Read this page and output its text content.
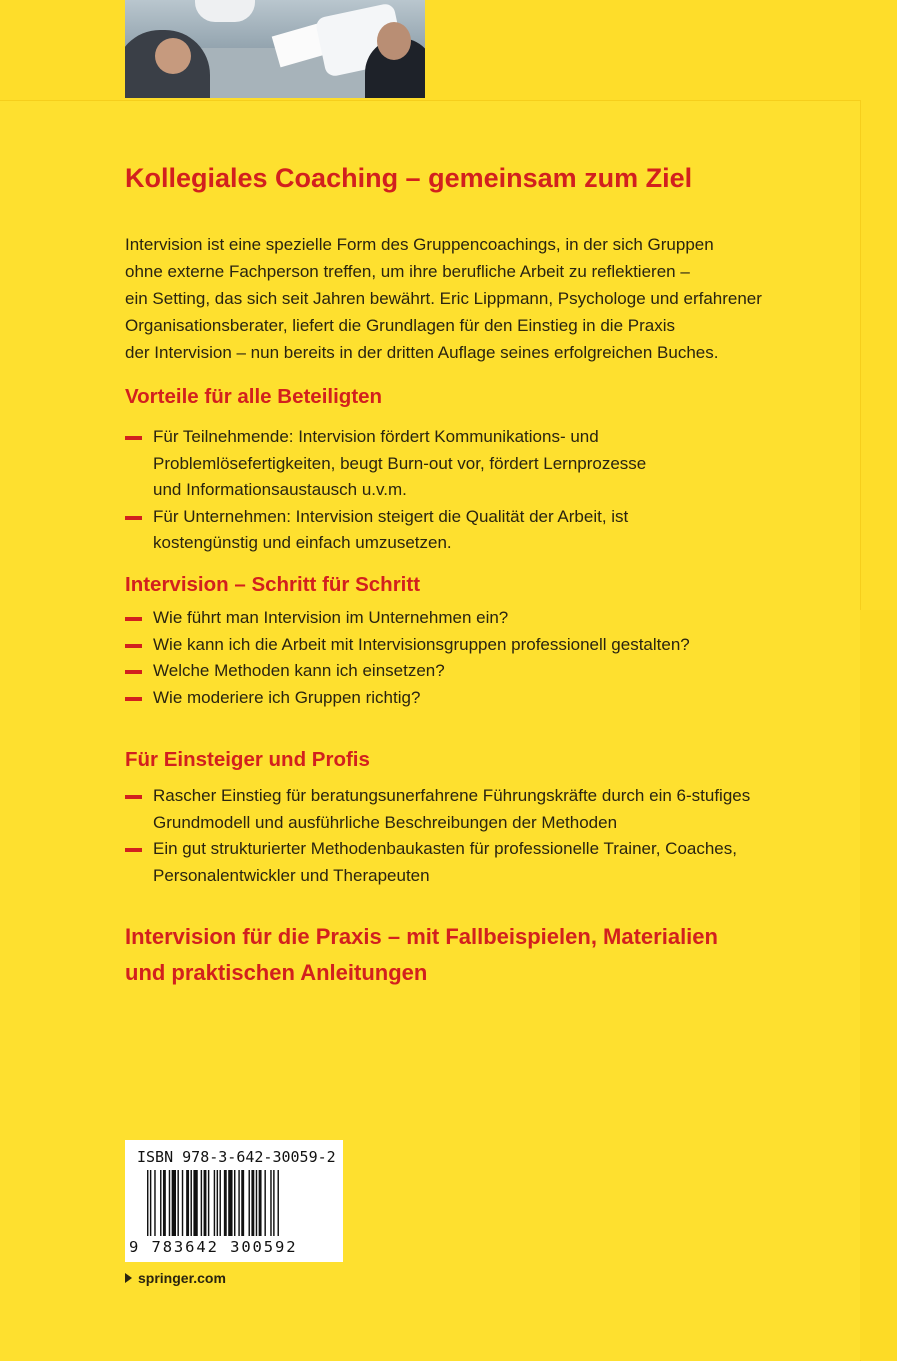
Kollegiales Coaching – gemeinsam zum Ziel

Intervision ist eine spezielle Form des Gruppencoachings, in der sich Gruppen
ohne externe Fachperson treffen, um ihre berufliche Arbeit zu reflektieren –
ein Setting, das sich seit Jahren bewährt. Eric Lippmann, Psychologe und erfahrener
Organisationsberater, liefert die Grundlagen für den Einstieg in die Praxis
der Intervision – nun bereits in der dritten Auflage seines erfolgreichen Buches.

Vorteile für alle Beteiligten
Für Teilnehmende: Intervision fördert Kommunikations- und
Problemlösefertigkeiten, beugt Burn-out vor, fördert Lernprozesse
und Informationsaustausch u.v.m.
Für Unternehmen: Intervision steigert die Qualität der Arbeit, ist
kostengünstig und einfach umzusetzen.
Intervision – Schritt für Schritt
Wie führt man Intervision im Unternehmen ein?
Wie kann ich die Arbeit mit Intervisionsgruppen professionell gestalten?
Welche Methoden kann ich einsetzen?
Wie moderiere ich Gruppen richtig?
Für Einsteiger und Profis
Rascher Einstieg für beratungsunerfahrene Führungskräfte durch ein 6-stufiges
Grundmodell und ausführliche Beschreibungen der Methoden
Ein gut strukturierter Methodenbaukasten für professionelle Trainer, Coaches,
Personalentwickler und Therapeuten

Intervision für die Praxis – mit Fallbeispielen, Materialien
und praktischen Anleitungen

ISBN 978-3-642-30059-2

9 783642 300592

springer.com
